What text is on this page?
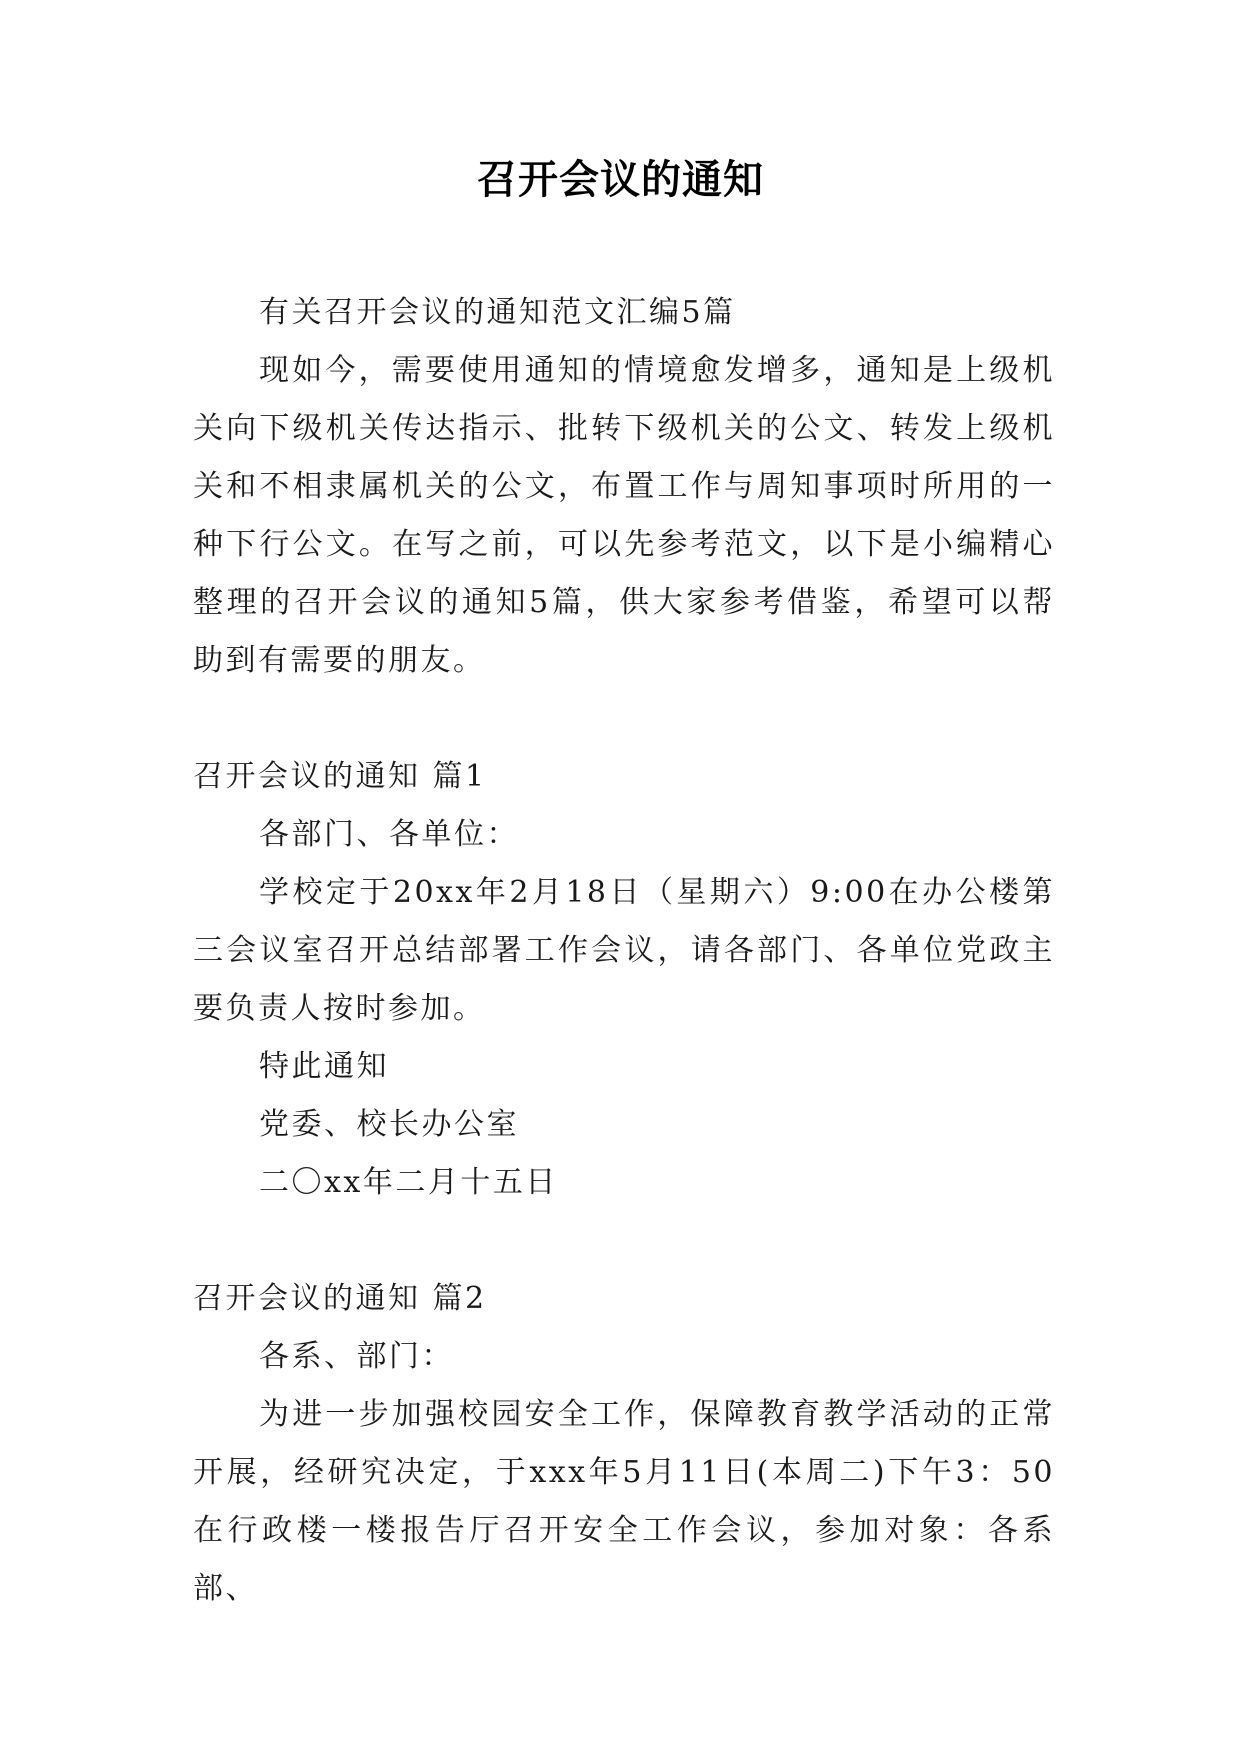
召开会议的通知

有关召开会议的通知范文汇编5篇

现如今，需要使用通知的情境愈发增多，通知是上级机关向下级机关传达指示、批转下级机关的公文、转发上级机关和不相隶属机关的公文，布置工作与周知事项时所用的一种下行公文。在写之前，可以先参考范文，以下是小编精心整理的召开会议的通知5篇，供大家参考借鉴，希望可以帮助到有需要的朋友。

召开会议的通知 篇1

各部门、各单位：

学校定于20xx年2月18日（星期六）9:00在办公楼第三会议室召开总结部署工作会议，请各部门、各单位党政主要负责人按时参加。

特此通知

党委、校长办公室

二〇xx年二月十五日

召开会议的通知 篇2

各系、部门：

为进一步加强校园安全工作，保障教育教学活动的正常开展，经研究决定，于xxx年5月11日(本周二)下午3：50在行政楼一楼报告厅召开安全工作会议，参加对象：各系部、
